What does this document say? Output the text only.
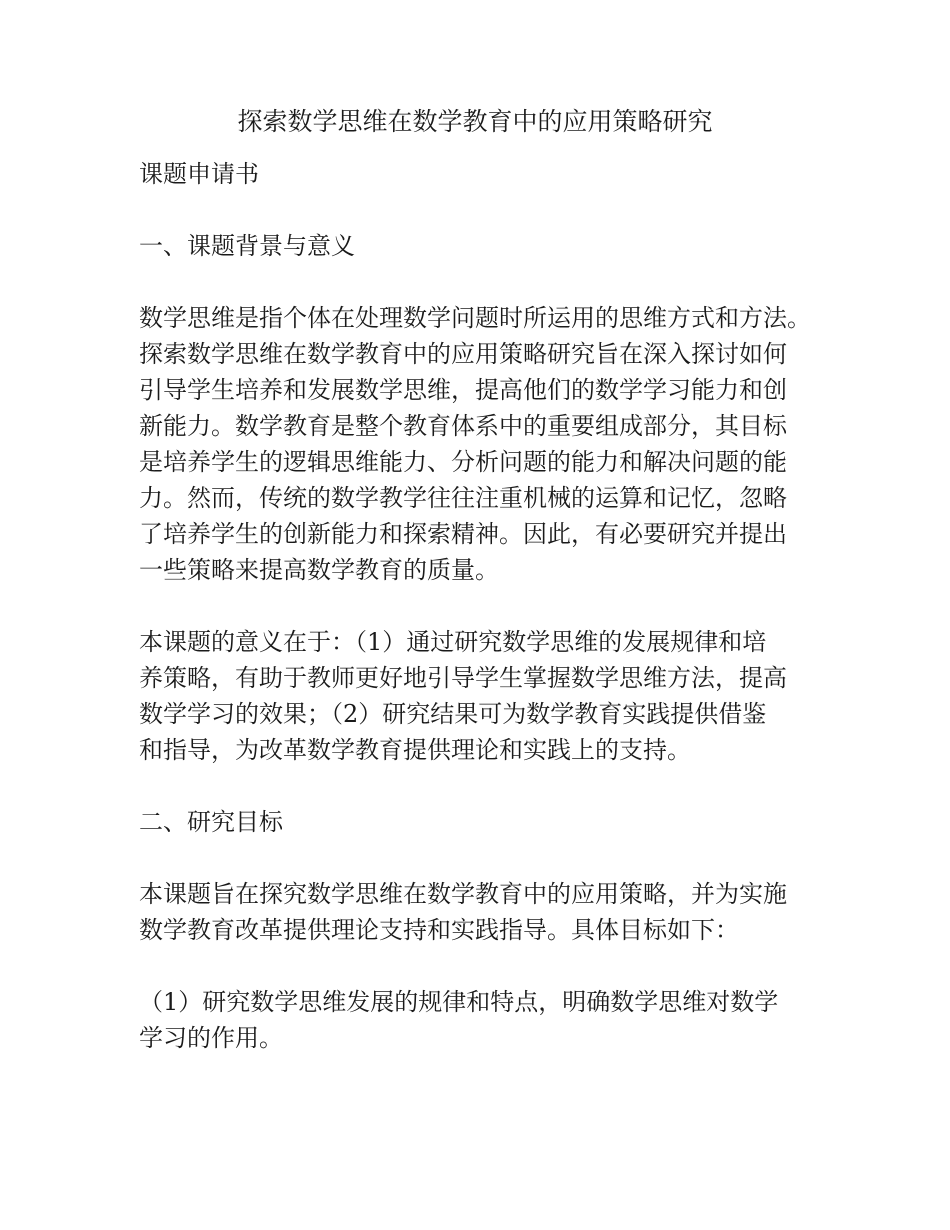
探索数学思维在数学教育中的应用策略研究

课题申请书

一、课题背景与意义

数学思维是指个体在处理数学问题时所运用的思维方式和方法。
探索数学思维在数学教育中的应用策略研究旨在深入探讨如何
引导学生培养和发展数学思维，提高他们的数学学习能力和创
新能力。数学教育是整个教育体系中的重要组成部分，其目标
是培养学生的逻辑思维能力、分析问题的能力和解决问题的能
力。然而，传统的数学教学往往注重机械的运算和记忆，忽略
了培养学生的创新能力和探索精神。因此，有必要研究并提出
一些策略来提高数学教育的质量。

本课题的意义在于：（1）通过研究数学思维的发展规律和培
养策略，有助于教师更好地引导学生掌握数学思维方法，提高
数学学习的效果；（2）研究结果可为数学教育实践提供借鉴
和指导，为改革数学教育提供理论和实践上的支持。

二、研究目标

本课题旨在探究数学思维在数学教育中的应用策略，并为实施
数学教育改革提供理论支持和实践指导。具体目标如下：

（1）研究数学思维发展的规律和特点，明确数学思维对数学
学习的作用。
